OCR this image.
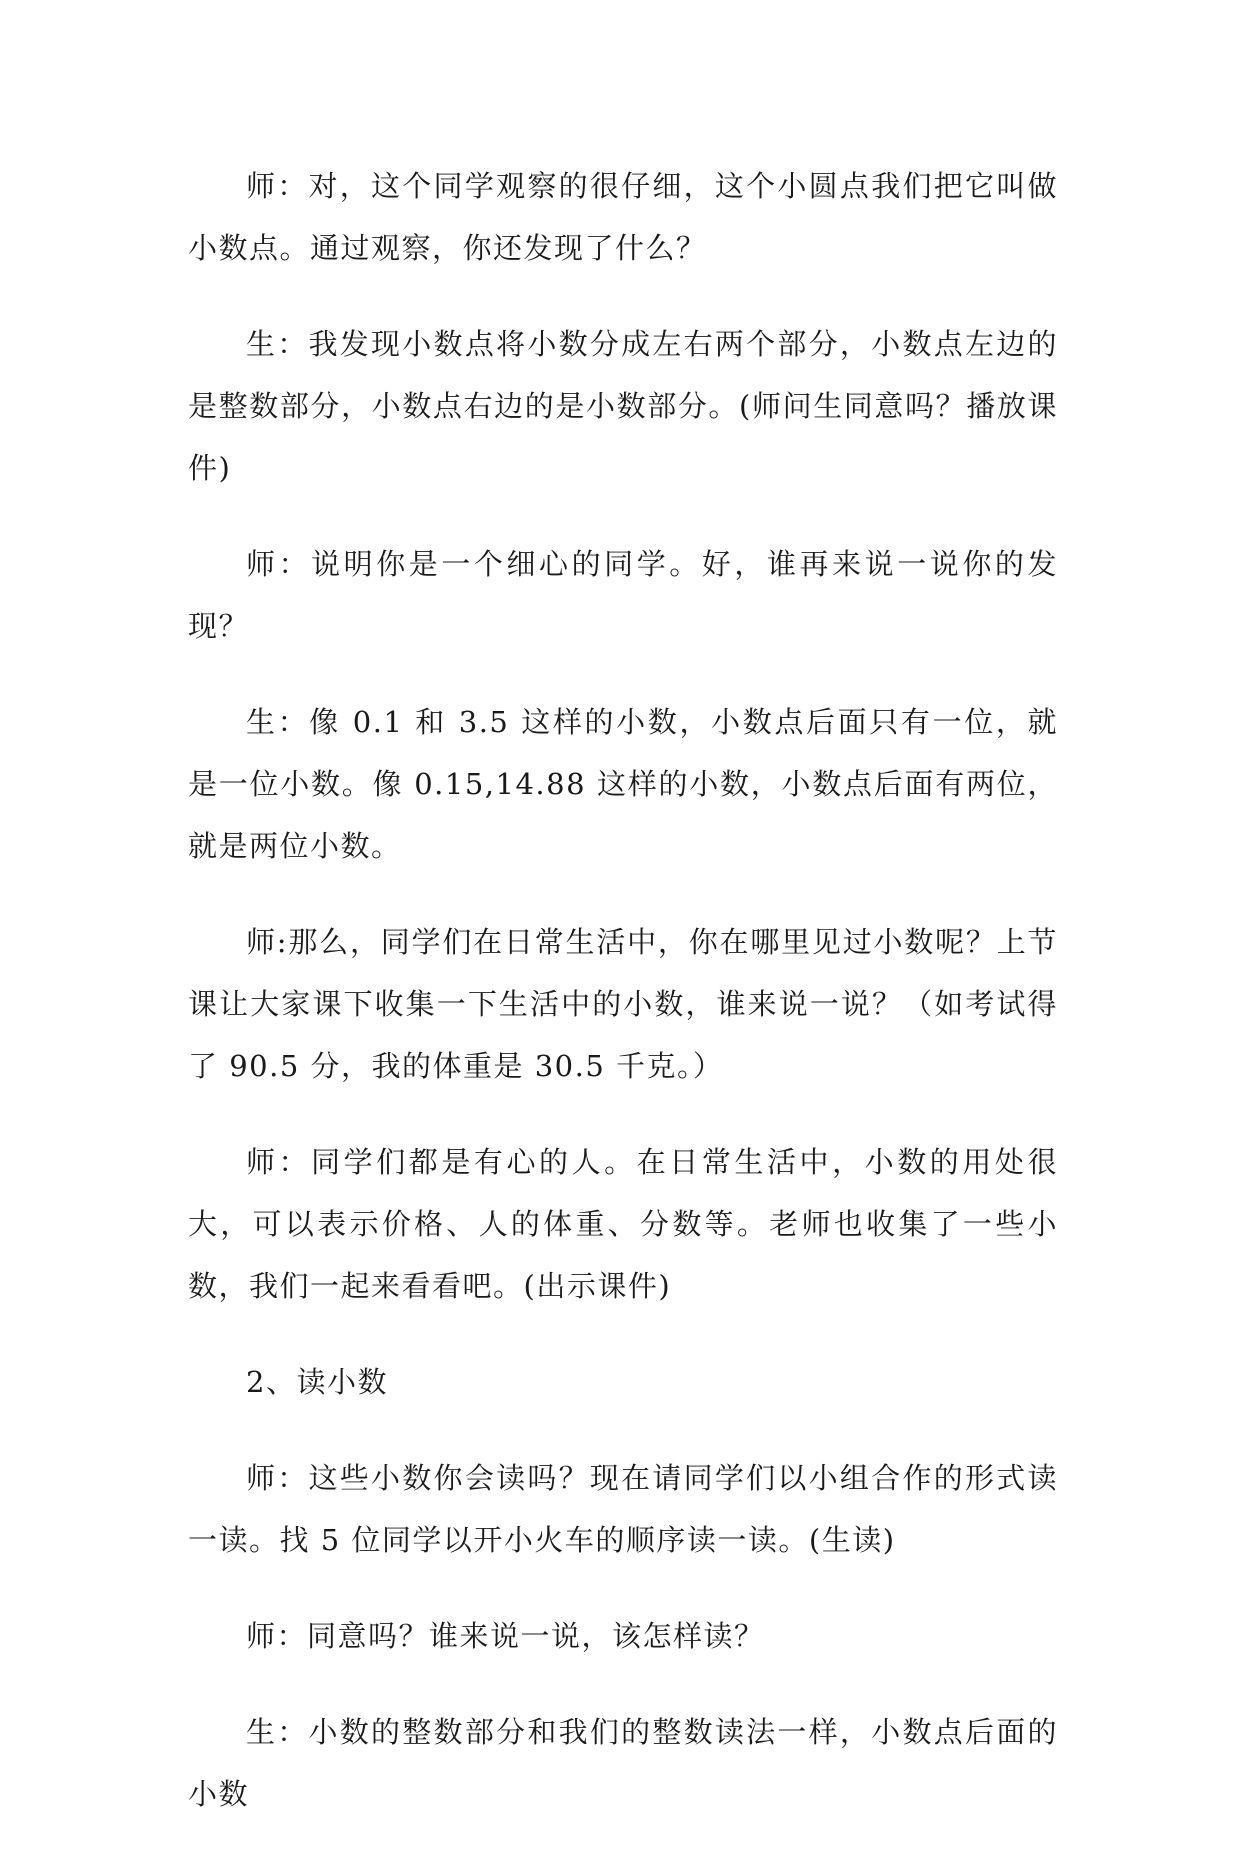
师：对，这个同学观察的很仔细，这个小圆点我们把它叫做小数点。通过观察，你还发现了什么？

生：我发现小数点将小数分成左右两个部分，小数点左边的是整数部分，小数点右边的是小数部分。(师问生同意吗？播放课件)

师：说明你是一个细心的同学。好，谁再来说一说你的发现？

生：像 0.1 和 3.5 这样的小数，小数点后面只有一位，就是一位小数。像 0.15,14.88 这样的小数，小数点后面有两位，就是两位小数。

师:那么，同学们在日常生活中，你在哪里见过小数呢？上节课让大家课下收集一下生活中的小数，谁来说一说？（如考试得了 90.5 分，我的体重是 30.5 千克。）

师：同学们都是有心的人。在日常生活中，小数的用处很大，可以表示价格、人的体重、分数等。老师也收集了一些小数，我们一起来看看吧。(出示课件)

2、读小数

师：这些小数你会读吗？现在请同学们以小组合作的形式读一读。找 5 位同学以开小火车的顺序读一读。(生读)

师：同意吗？谁来说一说，该怎样读？

生：小数的整数部分和我们的整数读法一样，小数点后面的小数
